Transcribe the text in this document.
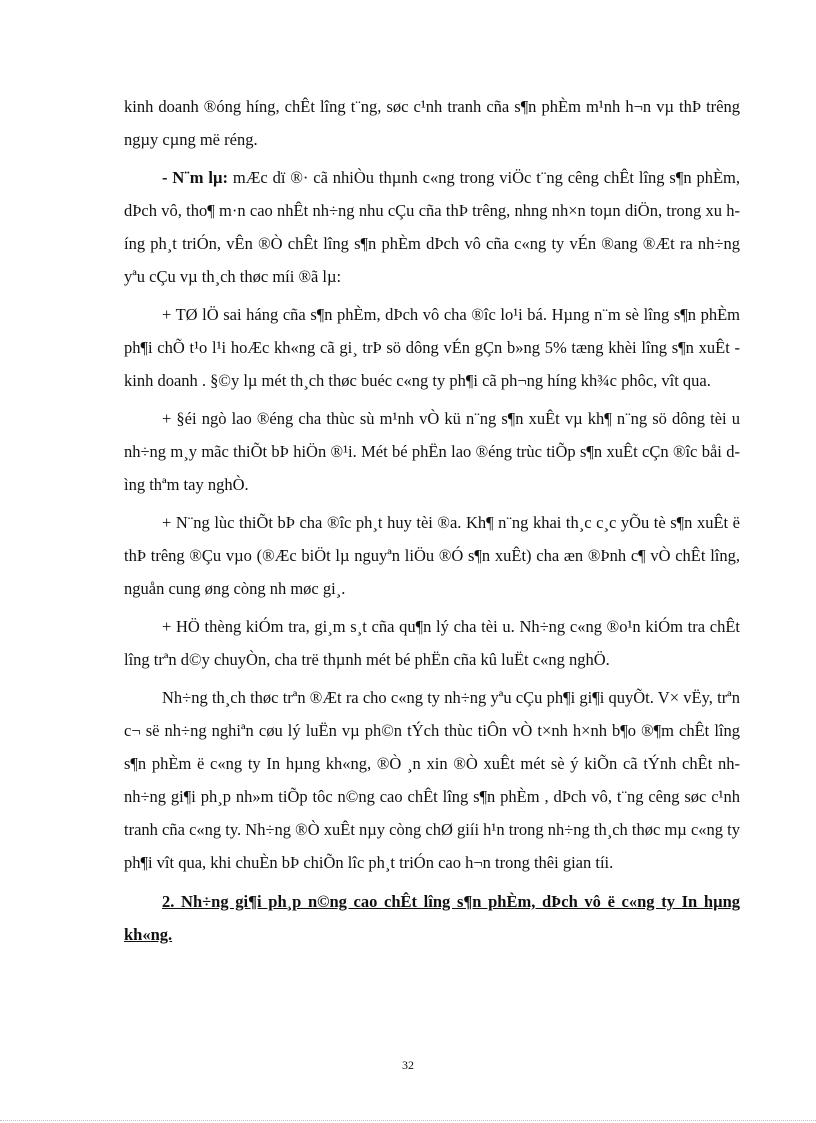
kinh doanh ®óng híng, chÊt lîng t¨ng, søc c¹nh tranh cña s¶n phÈm m¹nh h¬n vµ thÞ trêng ngµy cµng më réng.

- N¨m lµ: mÆc dï ®· cã nhiÒu thµnh c«ng trong viÖc t¨ng cêng chÊt lîng s¶n phÈm, dÞch vô, tho¶ m·n cao nhÊt nh÷ng nhu cÇu cña thÞ trêng, nhng nh×n toµn diÖn, trong xu híng ph¸t triÓn, vÊn ®Ò chÊt lîng s¶n phÈm dÞch vô cña c«ng ty vÉn ®ang ®Æt ra nh÷ng yªu cÇu vµ th¸ch thøc míi ®ã lµ:

+ TØ lÖ sai háng cña s¶n phÈm, dÞch vô cha ®îc lo¹i bá. Hµng n¨m sè lîng s¶n phÈm ph¶i chÕ t¹o l¹i hoÆc kh«ng cã gi¸ trÞ sö dông vÉn gÇn b»ng 5% tæng khèi lîng s¶n xuÊt - kinh doanh . §©y lµ mét th¸ch thøc buéc c«ng ty ph¶i cã ph¬ng híng kh¾c phôc, vît qua.

+ §éi ngò lao ®éng cha thùc sù m¹nh vÒ kü n¨ng s¶n xuÊt vµ kh¶ n¨ng sö dông tèi u nh÷ng m¸y mãc thiÕt bÞ hiÖn ®¹i. Mét bé phËn lao ®éng trùc tiÕp s¶n xuÊt cÇn ®îc båi dìng thªm tay nghÒ.

+ N¨ng lùc thiÕt bÞ cha ®îc ph¸t huy tèi ®a. Kh¶ n¨ng khai th¸c c¸c yÕu tè s¶n xuÊt ë thÞ trêng ®Çu vµo (®Æc biÖt lµ nguyªn liÖu ®Ó s¶n xuÊt) cha æn ®Þnh c¶ vÒ chÊt lîng, nguån cung øng còng nh møc gi¸.

+ HÖ thèng kiÓm tra, gi¸m s¸t cña qu¶n lý cha tèi u. Nh÷ng c«ng ®o¹n kiÓm tra chÊt lîng trªn d©y chuyÒn, cha trë thµnh mét bé phËn cña kû luËt c«ng nghÖ.

Nh÷ng th¸ch thøc trªn ®Æt ra cho c«ng ty nh÷ng yªu cÇu ph¶i gi¶i quyÕt. V× vËy, trªn c¬ së nh÷ng nghiªn cøu lý luËn vµ ph©n tÝch thùc tiÔn vÒ t×nh h×nh b¶o ®¶m chÊt lîng s¶n phÈm ë c«ng ty In hµng kh«ng, ®Ò ¸n xin ®Ò xuÊt mét sè ý kiÕn cã tÝnh chÊt nh nh÷ng gi¶i ph¸p nh»m tiÕp tôc n©ng cao chÊt lîng s¶n phÈm , dÞch vô, t¨ng cêng søc c¹nh tranh cña c«ng ty. Nh÷ng ®Ò xuÊt nµy còng chØ giíi h¹n trong nh÷ng th¸ch thøc mµ c«ng ty ph¶i vît qua, khi chuÈn bÞ chiÕn lîc ph¸t triÓn cao h¬n trong thêi gian tíi.

2. Nh÷ng gi¶i ph¸p n©ng cao chÊt lîng s¶n phÈm, dÞch vô ë c«ng ty In hµng kh«ng.
32
